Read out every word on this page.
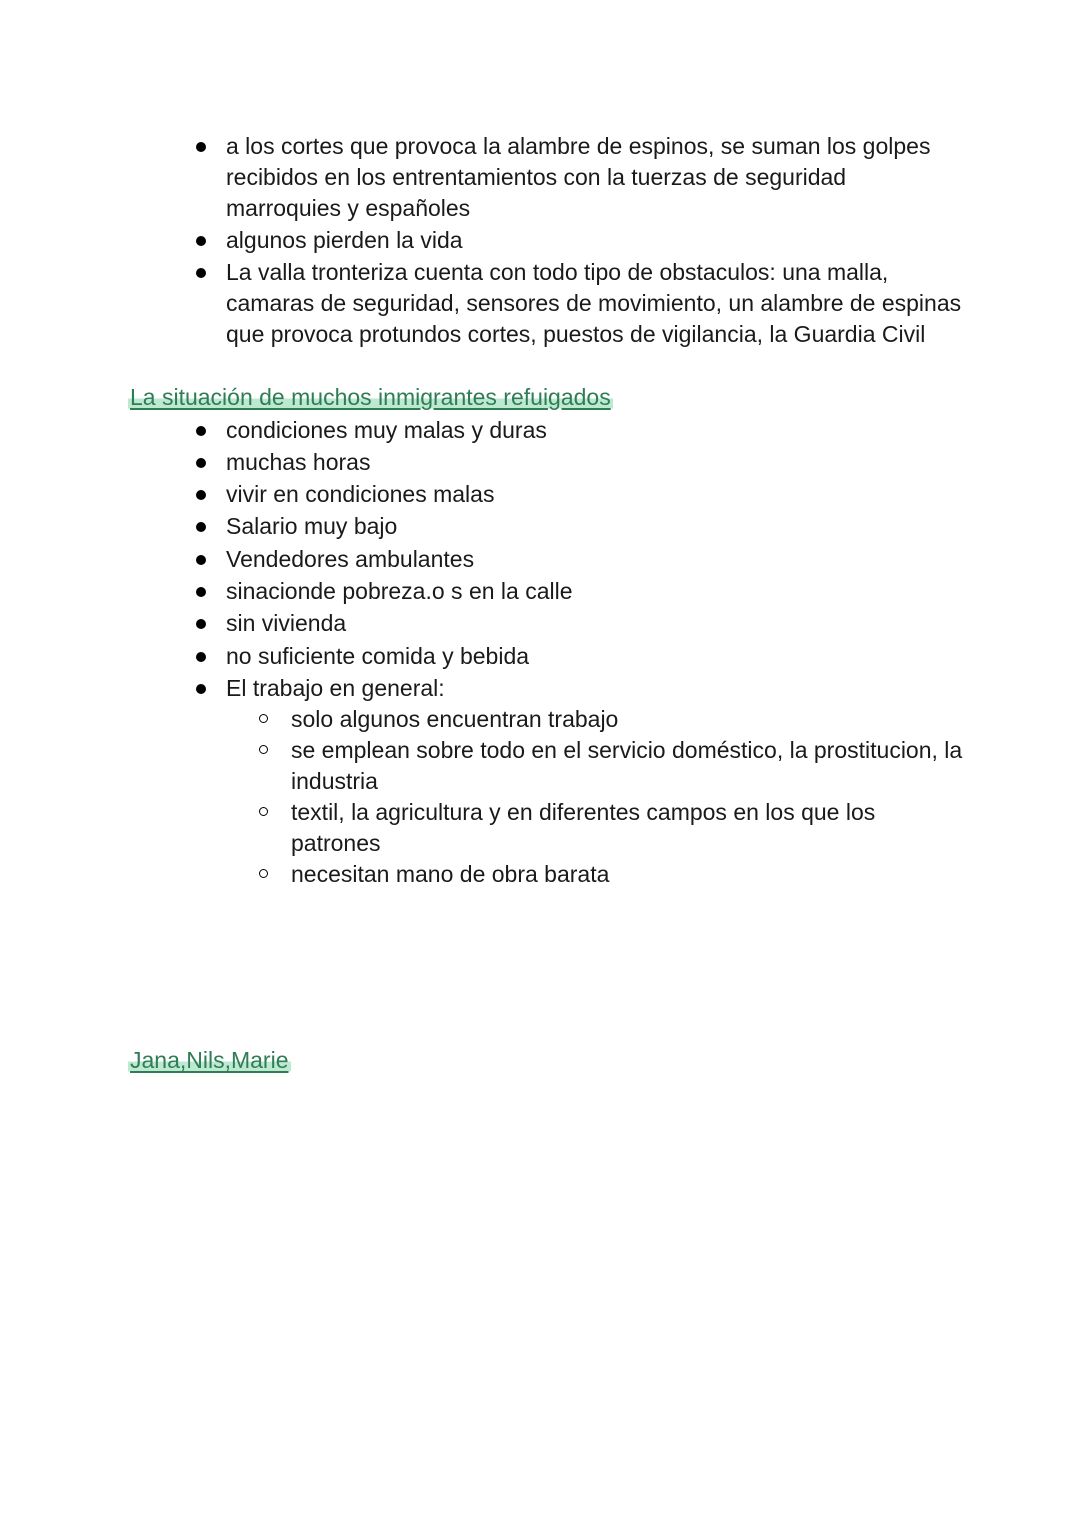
a los cortes que provoca la alambre de espinos, se suman los golpes recibidos en los entrentamientos con la tuerzas de seguridad marroquies y españoles
algunos pierden la vida
La valla tronteriza cuenta con todo tipo de obstaculos: una malla, camaras de seguridad, sensores de movimiento, un alambre de espinas que provoca protundos cortes, puestos de vigilancia, la Guardia Civil
La situación de muchos inmigrantes refuigados
condiciones muy malas y duras
muchas horas
vivir en condiciones malas
Salario muy bajo
Vendedores ambulantes
sinacionde pobreza.o s en la calle
sin vivienda
no suficiente comida y bebida
El trabajo en general:
solo algunos encuentran trabajo
se emplean sobre todo en el servicio doméstico, la prostitucion, la industria
textil, la agricultura y en diferentes campos en los que los patrones
necesitan mano de obra barata
Jana,Nils,Marie
